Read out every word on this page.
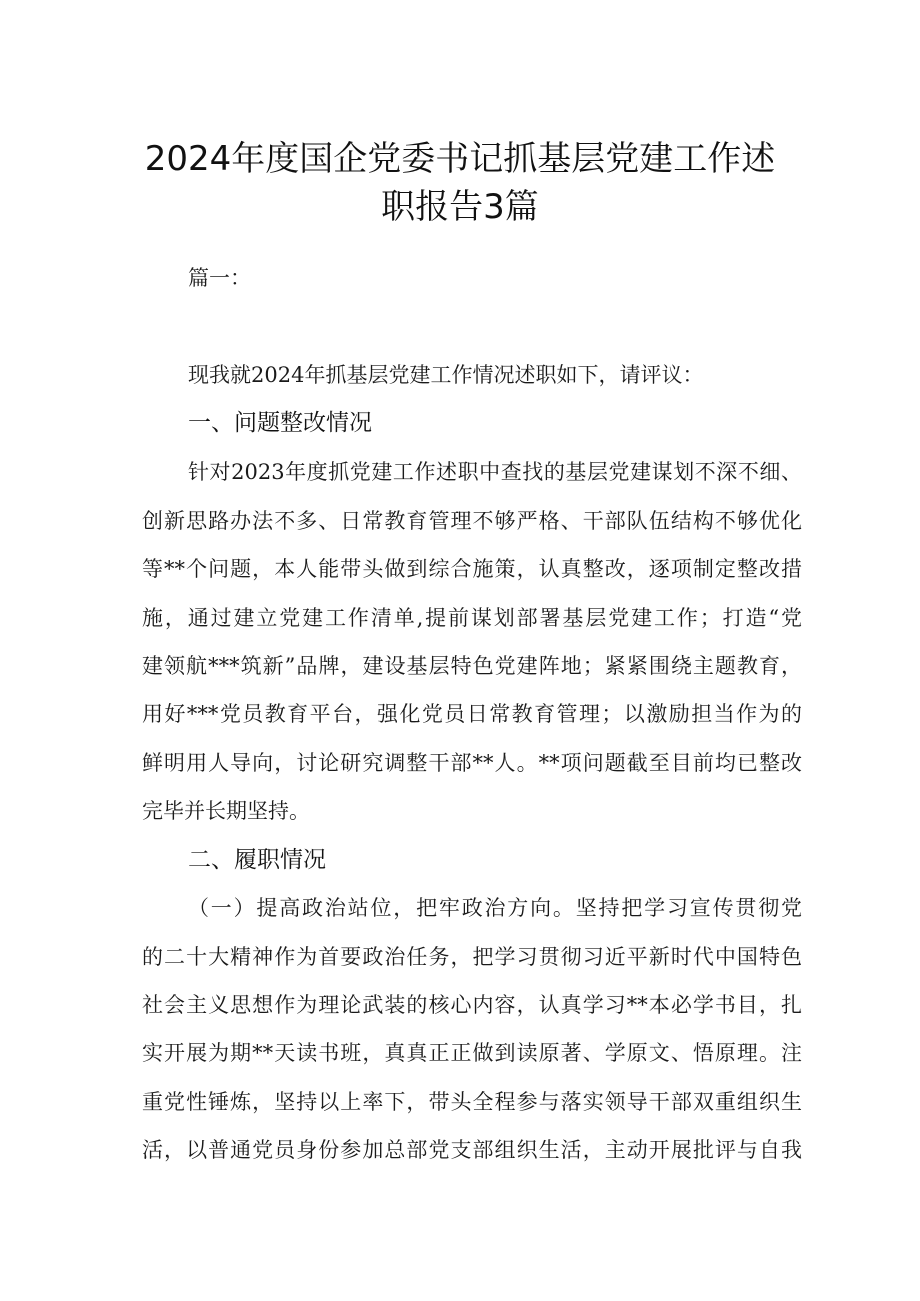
2024年度国企党委书记抓基层党建工作述
职报告3篇
篇一：
现我就2024年抓基层党建工作情况述职如下，请评议：
一、问题整改情况
针对2023年度抓党建工作述职中查找的基层党建谋划不深不细、
创新思路办法不多、日常教育管理不够严格、干部队伍结构不够优化
等**个问题，本人能带头做到综合施策，认真整改，逐项制定整改措
施，通过建立党建工作清单,提前谋划部署基层党建工作；打造“党
建领航***筑新”品牌，建设基层特色党建阵地；紧紧围绕主题教育，
用好***党员教育平台，强化党员日常教育管理；以激励担当作为的
鲜明用人导向，讨论研究调整干部**人。**项问题截至目前均已整改
完毕并长期坚持。
二、履职情况
（一）提高政治站位，把牢政治方向。坚持把学习宣传贯彻党
的二十大精神作为首要政治任务，把学习贯彻习近平新时代中国特色
社会主义思想作为理论武装的核心内容，认真学习**本必学书目，扎
实开展为期**天读书班，真真正正做到读原著、学原文、悟原理。注
重党性锤炼，坚持以上率下，带头全程参与落实领导干部双重组织生
活，以普通党员身份参加总部党支部组织生活，主动开展批评与自我
